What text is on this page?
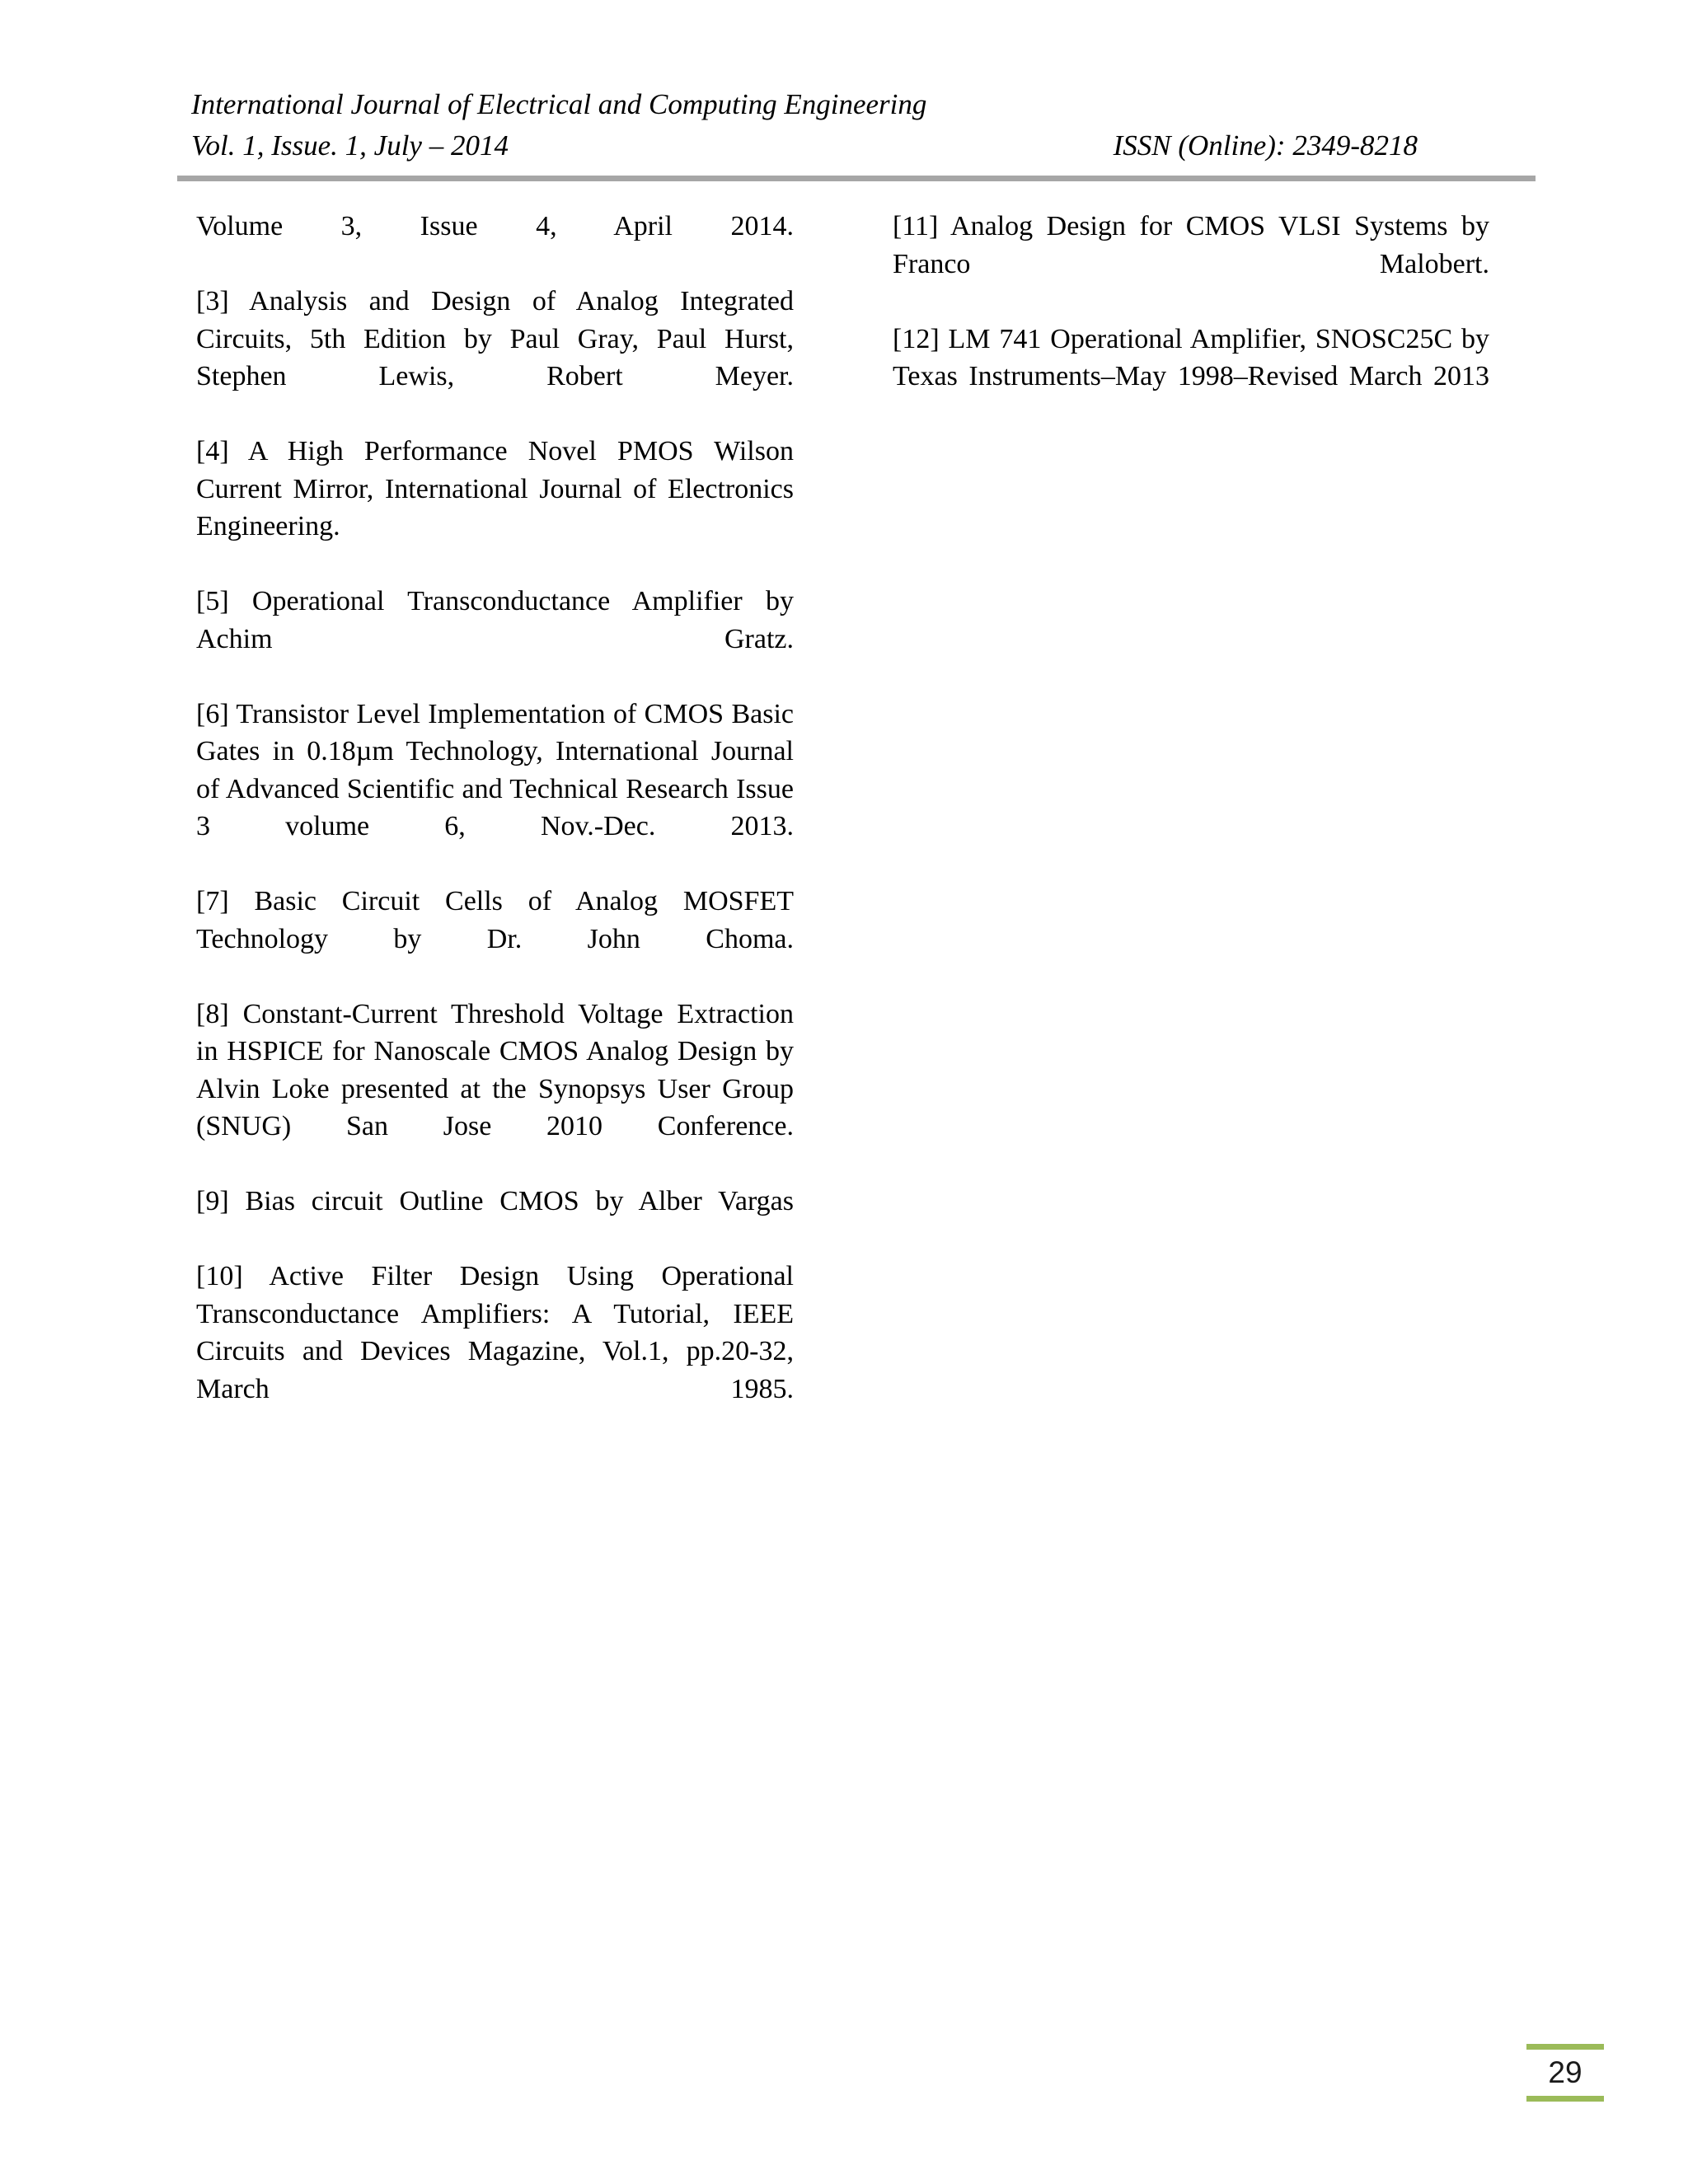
International Journal of Electrical and Computing Engineering
Vol. 1, Issue. 1, July – 2014	ISSN (Online): 2349-8218

Volume 3, Issue 4, April 2014.

[3] Analysis and Design of Analog Integrated Circuits, 5th Edition by Paul Gray, Paul Hurst, Stephen Lewis, Robert Meyer.

[4] A High Performance Novel PMOS Wilson Current Mirror, International Journal of Electronics Engineering.

[5] Operational Transconductance Amplifier by Achim Gratz.

[6] Transistor Level Implementation of CMOS Basic Gates in 0.18µm Technology, International Journal of Advanced Scientific and Technical Research Issue 3 volume 6, Nov.-Dec. 2013.

[7] Basic Circuit Cells of Analog MOSFET Technology by Dr. John Choma.

[8] Constant-Current Threshold Voltage Extraction in HSPICE for Nanoscale CMOS Analog Design by Alvin Loke presented at the Synopsys User Group (SNUG) San Jose 2010 Conference.

[9] Bias circuit Outline CMOS by Alber Vargas

[10] Active Filter Design Using Operational Transconductance Amplifiers: A Tutorial, IEEE Circuits and Devices Magazine, Vol.1, pp.20-32, March 1985.

[11] Analog Design for CMOS VLSI Systems by Franco Malobert.

[12] LM 741 Operational Amplifier, SNOSC25C by Texas Instruments–May 1998–Revised March 2013

29
